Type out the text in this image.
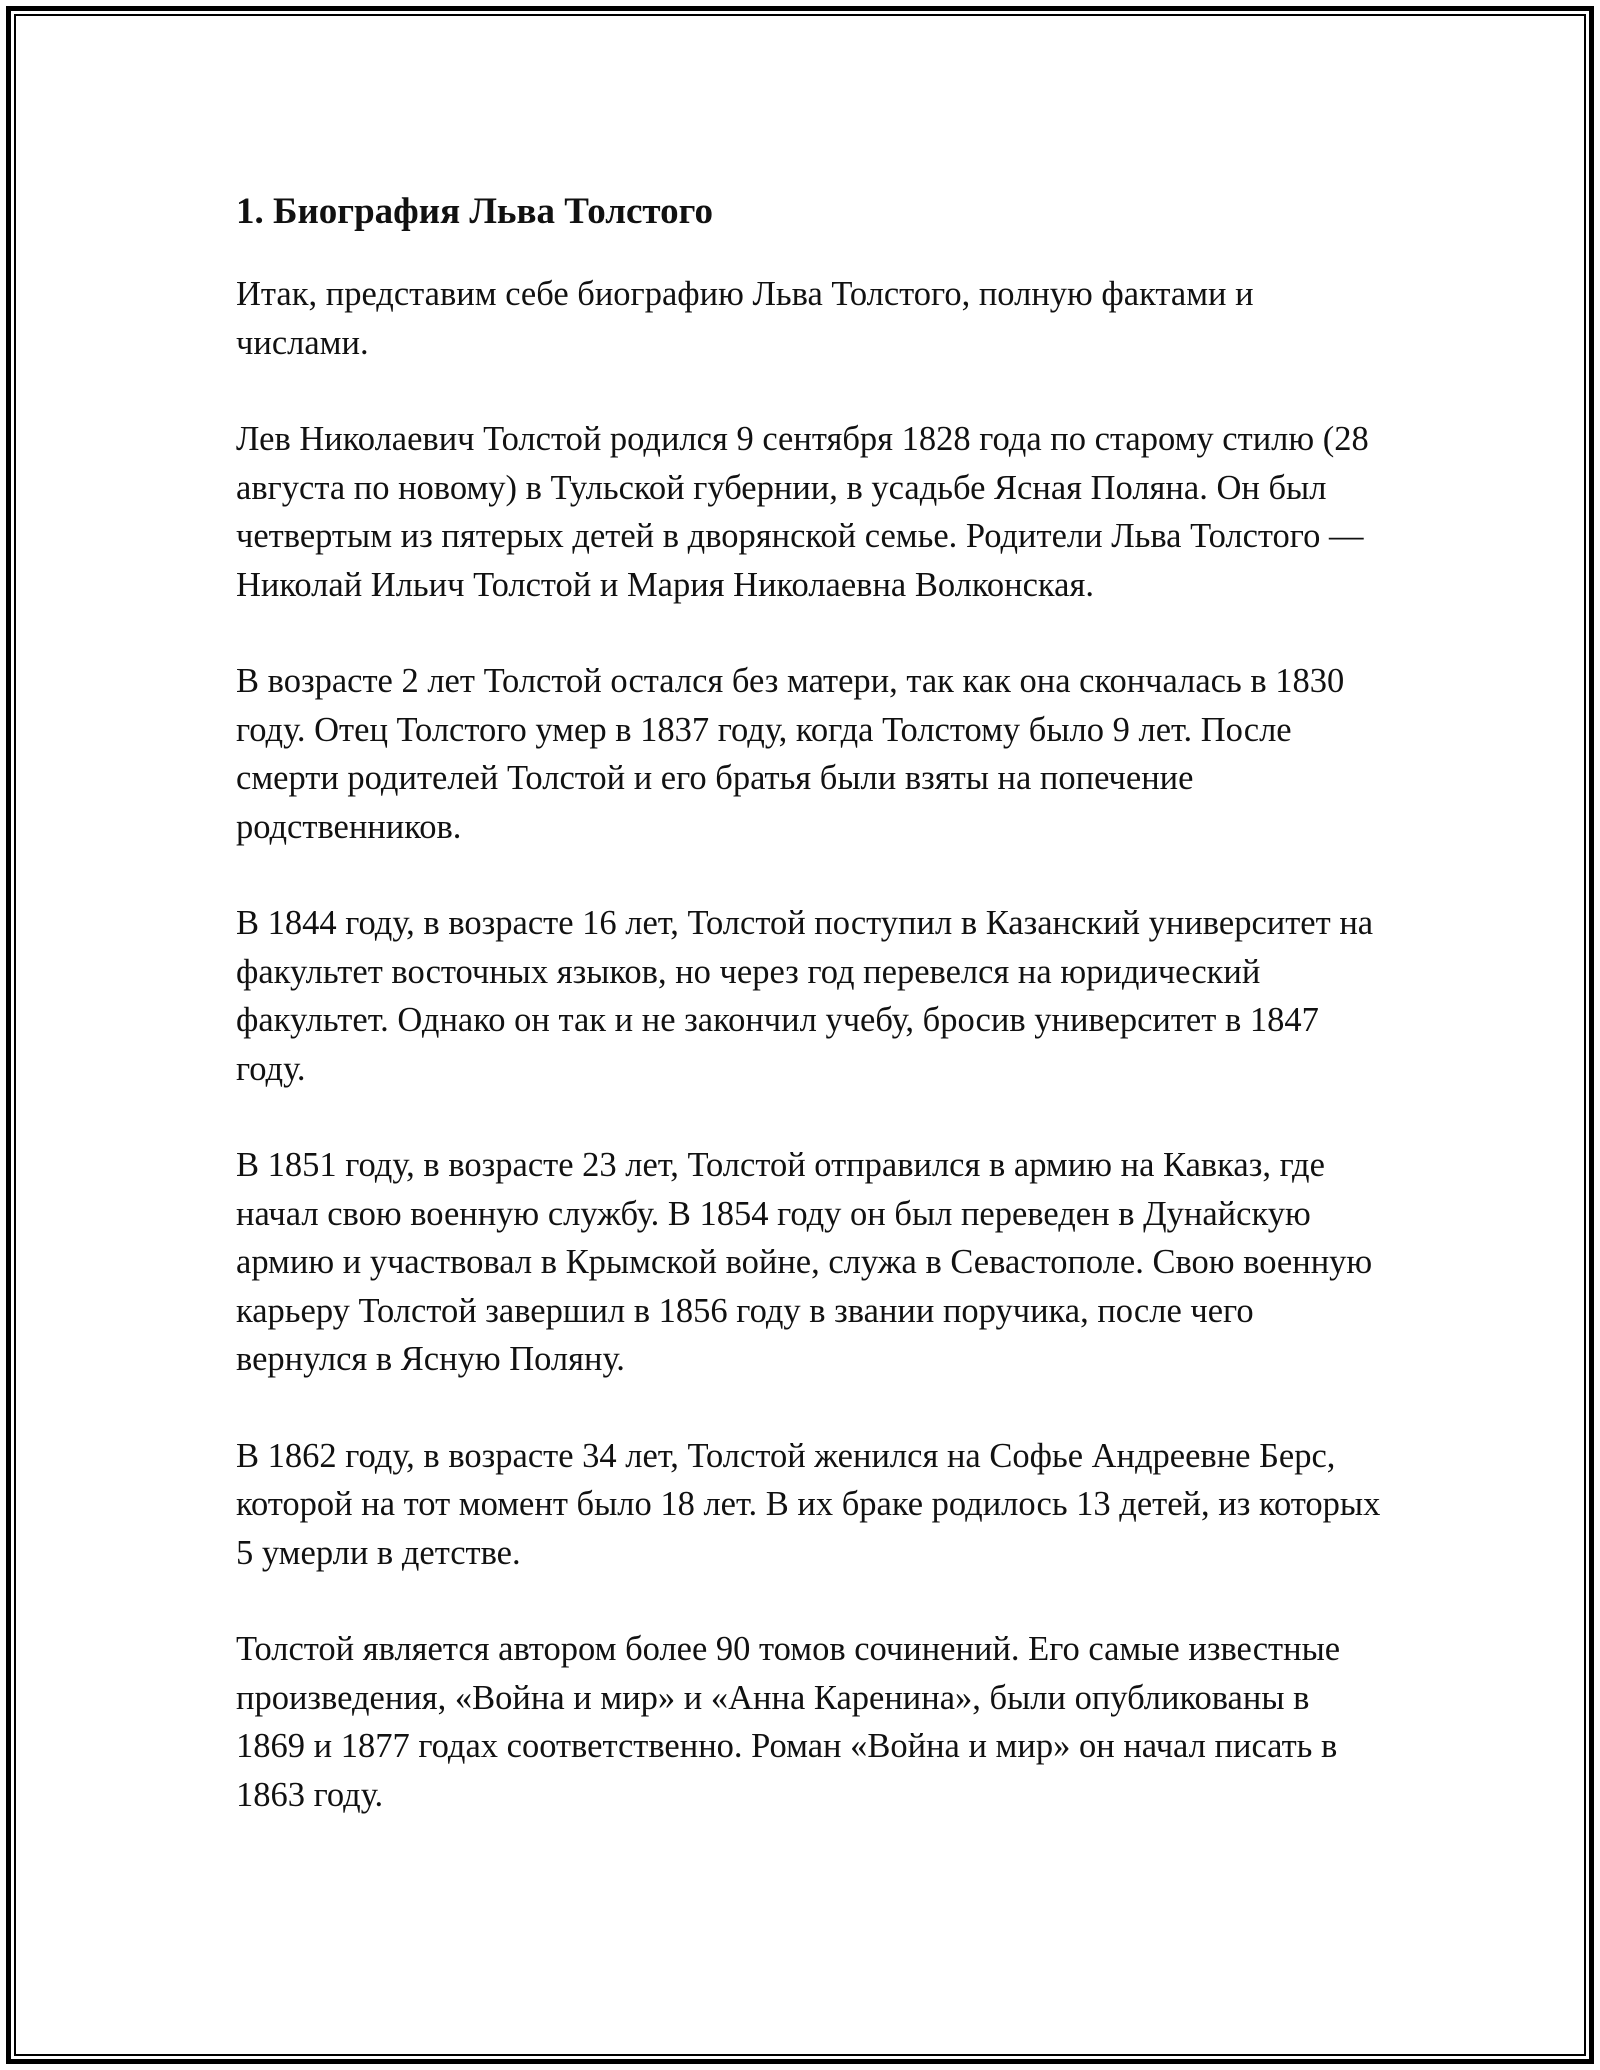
1. Биография Льва Толстого

Итак, представим себе биографию Льва Толстого, полную фактами и числами.

Лев Николаевич Толстой родился 9 сентября 1828 года по старому стилю (28 августа по новому) в Тульской губернии, в усадьбе Ясная Поляна. Он был четвертым из пятерых детей в дворянской семье. Родители Льва Толстого — Николай Ильич Толстой и Мария Николаевна Волконская.

В возрасте 2 лет Толстой остался без матери, так как она скончалась в 1830 году. Отец Толстого умер в 1837 году, когда Толстому было 9 лет. После смерти родителей Толстой и его братья были взяты на попечение родственников.

В 1844 году, в возрасте 16 лет, Толстой поступил в Казанский университет на факультет восточных языков, но через год перевелся на юридический факультет. Однако он так и не закончил учебу, бросив университет в 1847 году.

В 1851 году, в возрасте 23 лет, Толстой отправился в армию на Кавказ, где начал свою военную службу. В 1854 году он был переведен в Дунайскую армию и участвовал в Крымской войне, служа в Севастополе. Свою военную карьеру Толстой завершил в 1856 году в звании поручика, после чего вернулся в Ясную Поляну.

В 1862 году, в возрасте 34 лет, Толстой женился на Софье Андреевне Берс, которой на тот момент было 18 лет. В их браке родилось 13 детей, из которых 5 умерли в детстве.

Толстой является автором более 90 томов сочинений. Его самые известные произведения, «Война и мир» и «Анна Каренина», были опубликованы в 1869 и 1877 годах соответственно. Роман «Война и мир» он начал писать в 1863 году.
